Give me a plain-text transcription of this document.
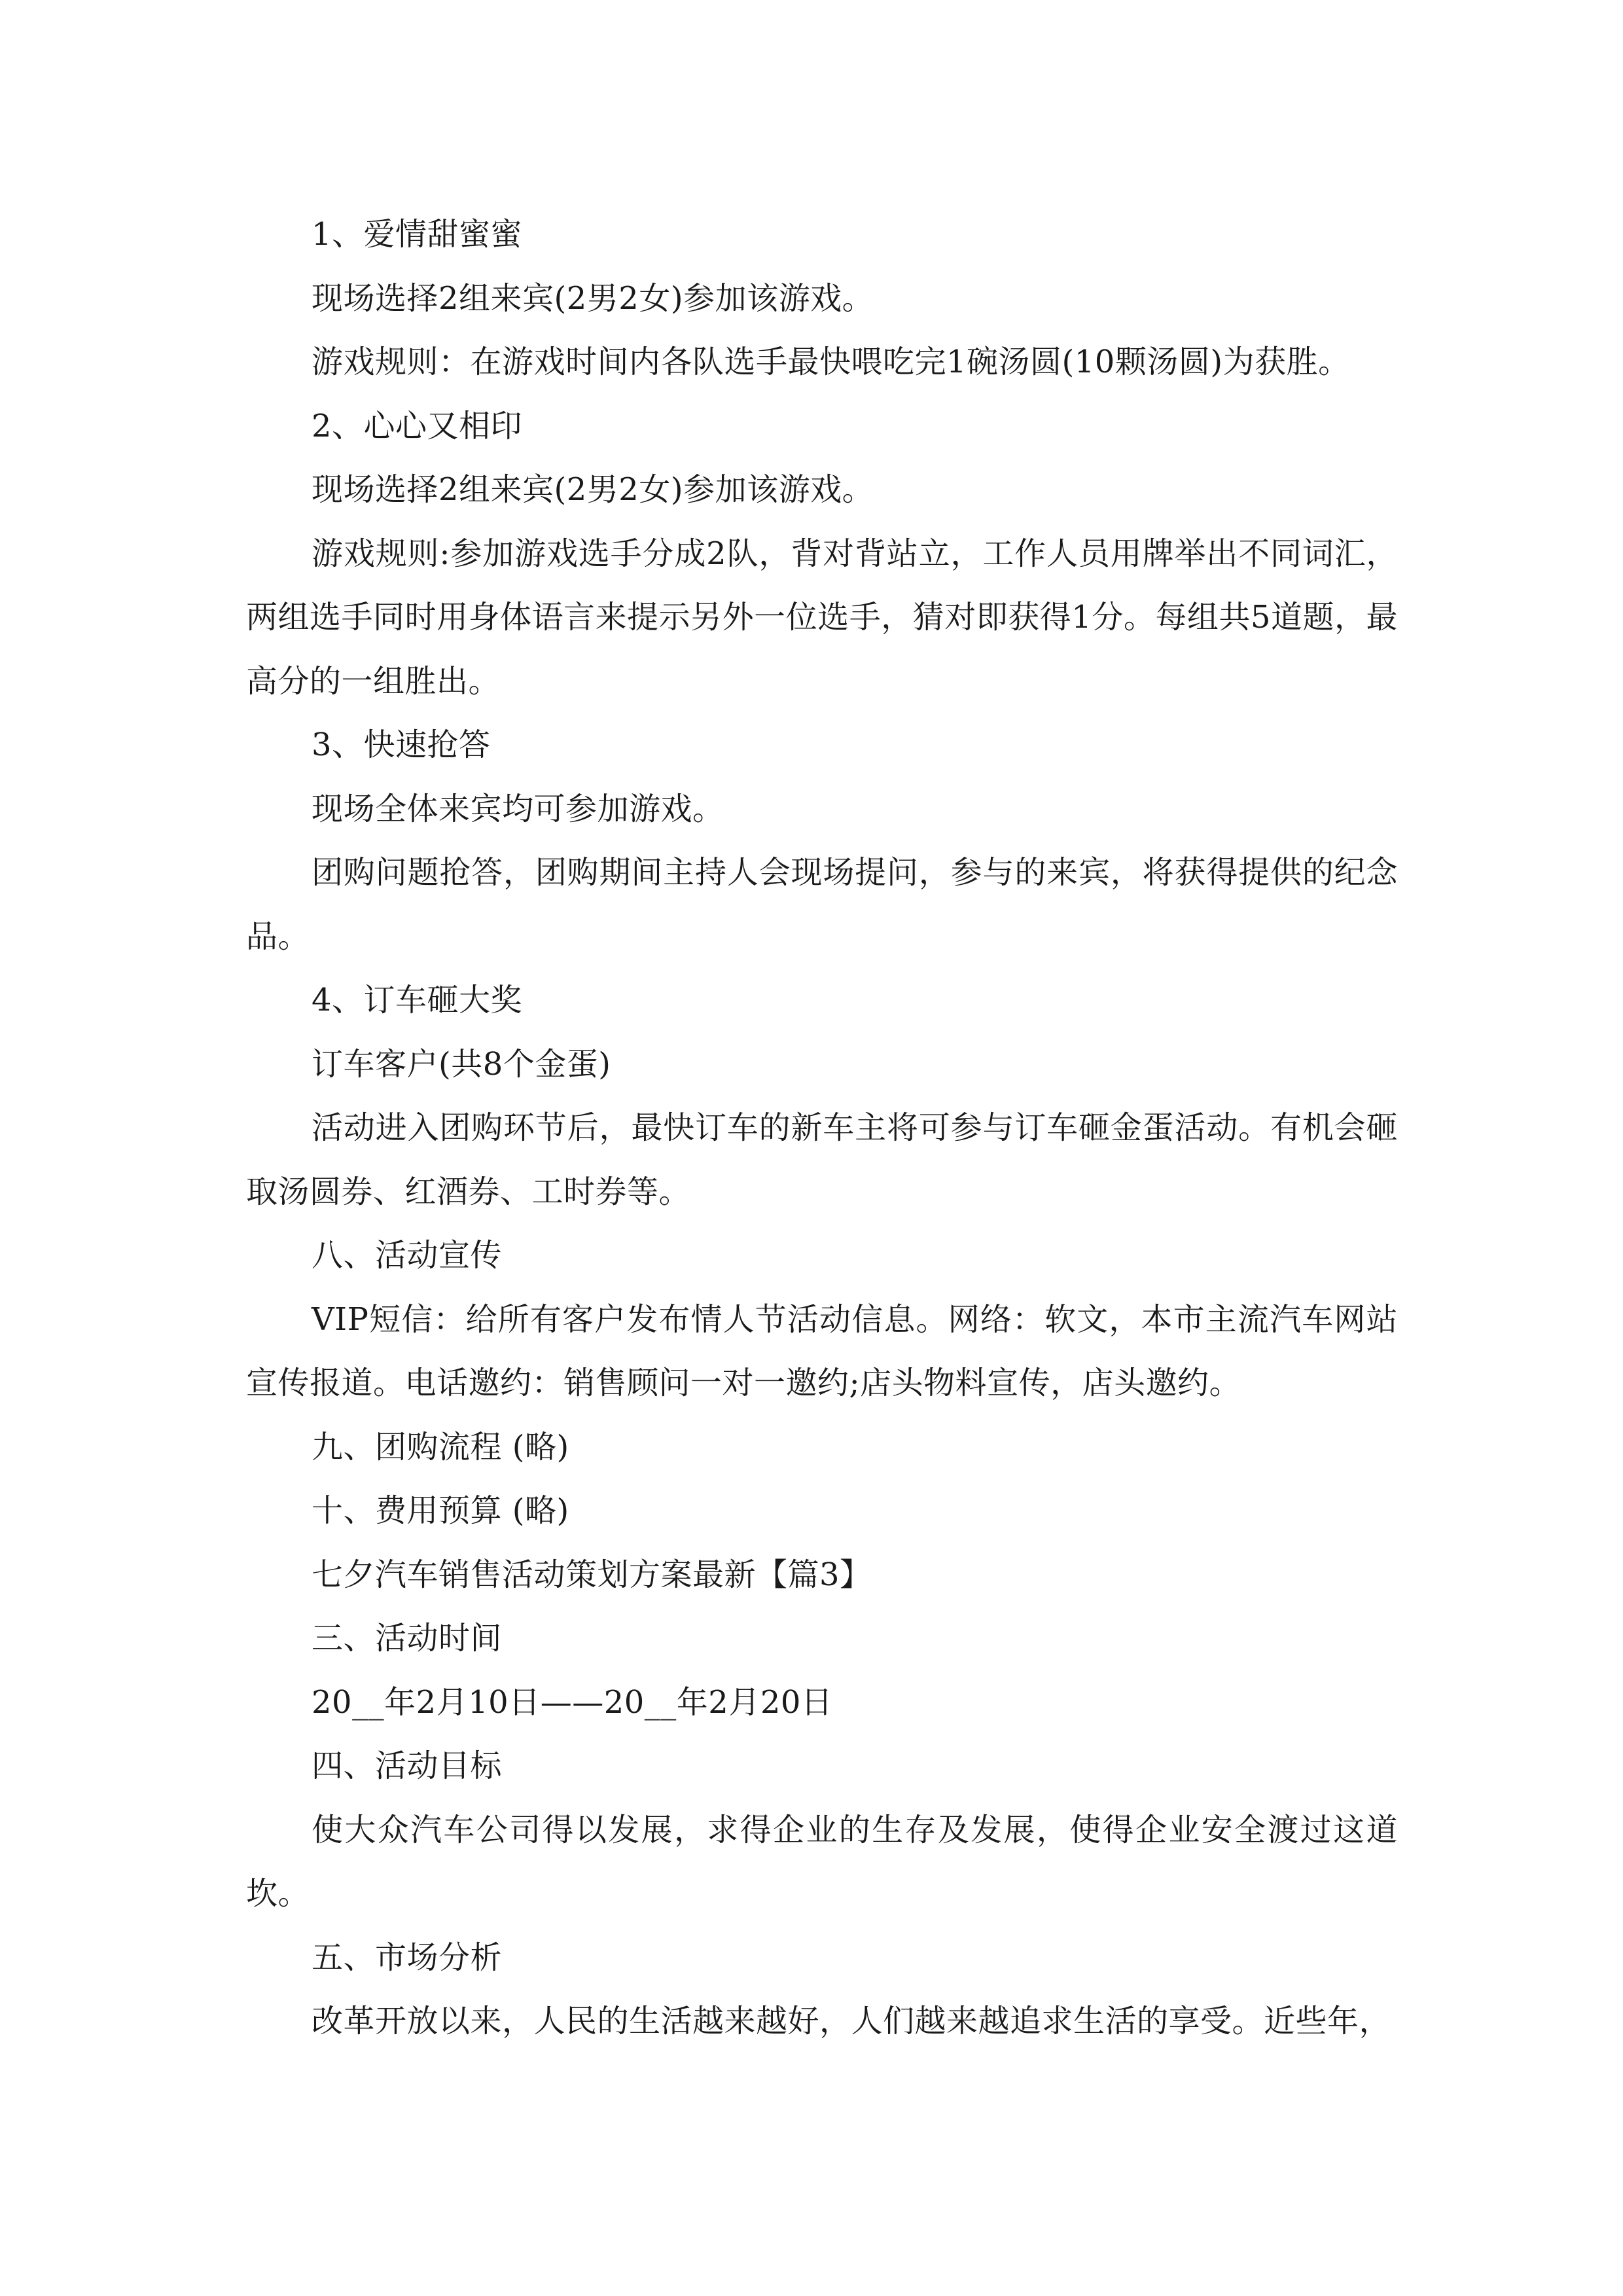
1、爱情甜蜜蜜

现场选择2组来宾(2男2女)参加该游戏。

游戏规则：在游戏时间内各队选手最快喂吃完1碗汤圆(10颗汤圆)为获胜。

2、心心又相印

现场选择2组来宾(2男2女)参加该游戏。

游戏规则:参加游戏选手分成2队，背对背站立，工作人员用牌举出不同词汇，两组选手同时用身体语言来提示另外一位选手，猜对即获得1分。每组共5道题，最高分的一组胜出。

3、快速抢答

现场全体来宾均可参加游戏。

团购问题抢答，团购期间主持人会现场提问，参与的来宾，将获得提供的纪念品。

4、订车砸大奖

订车客户(共8个金蛋)

活动进入团购环节后，最快订车的新车主将可参与订车砸金蛋活动。有机会砸取汤圆券、红酒券、工时券等。

八、活动宣传

VIP短信：给所有客户发布情人节活动信息。网络：软文，本市主流汽车网站宣传报道。电话邀约：销售顾问一对一邀约;店头物料宣传，店头邀约。

九、团购流程 (略)

十、费用预算 (略)

七夕汽车销售活动策划方案最新【篇3】

三、活动时间

20__年2月10日——20__年2月20日

四、活动目标

使大众汽车公司得以发展，求得企业的生存及发展，使得企业安全渡过这道坎。

五、市场分析

改革开放以来，人民的生活越来越好，人们越来越追求生活的享受。近些年，
